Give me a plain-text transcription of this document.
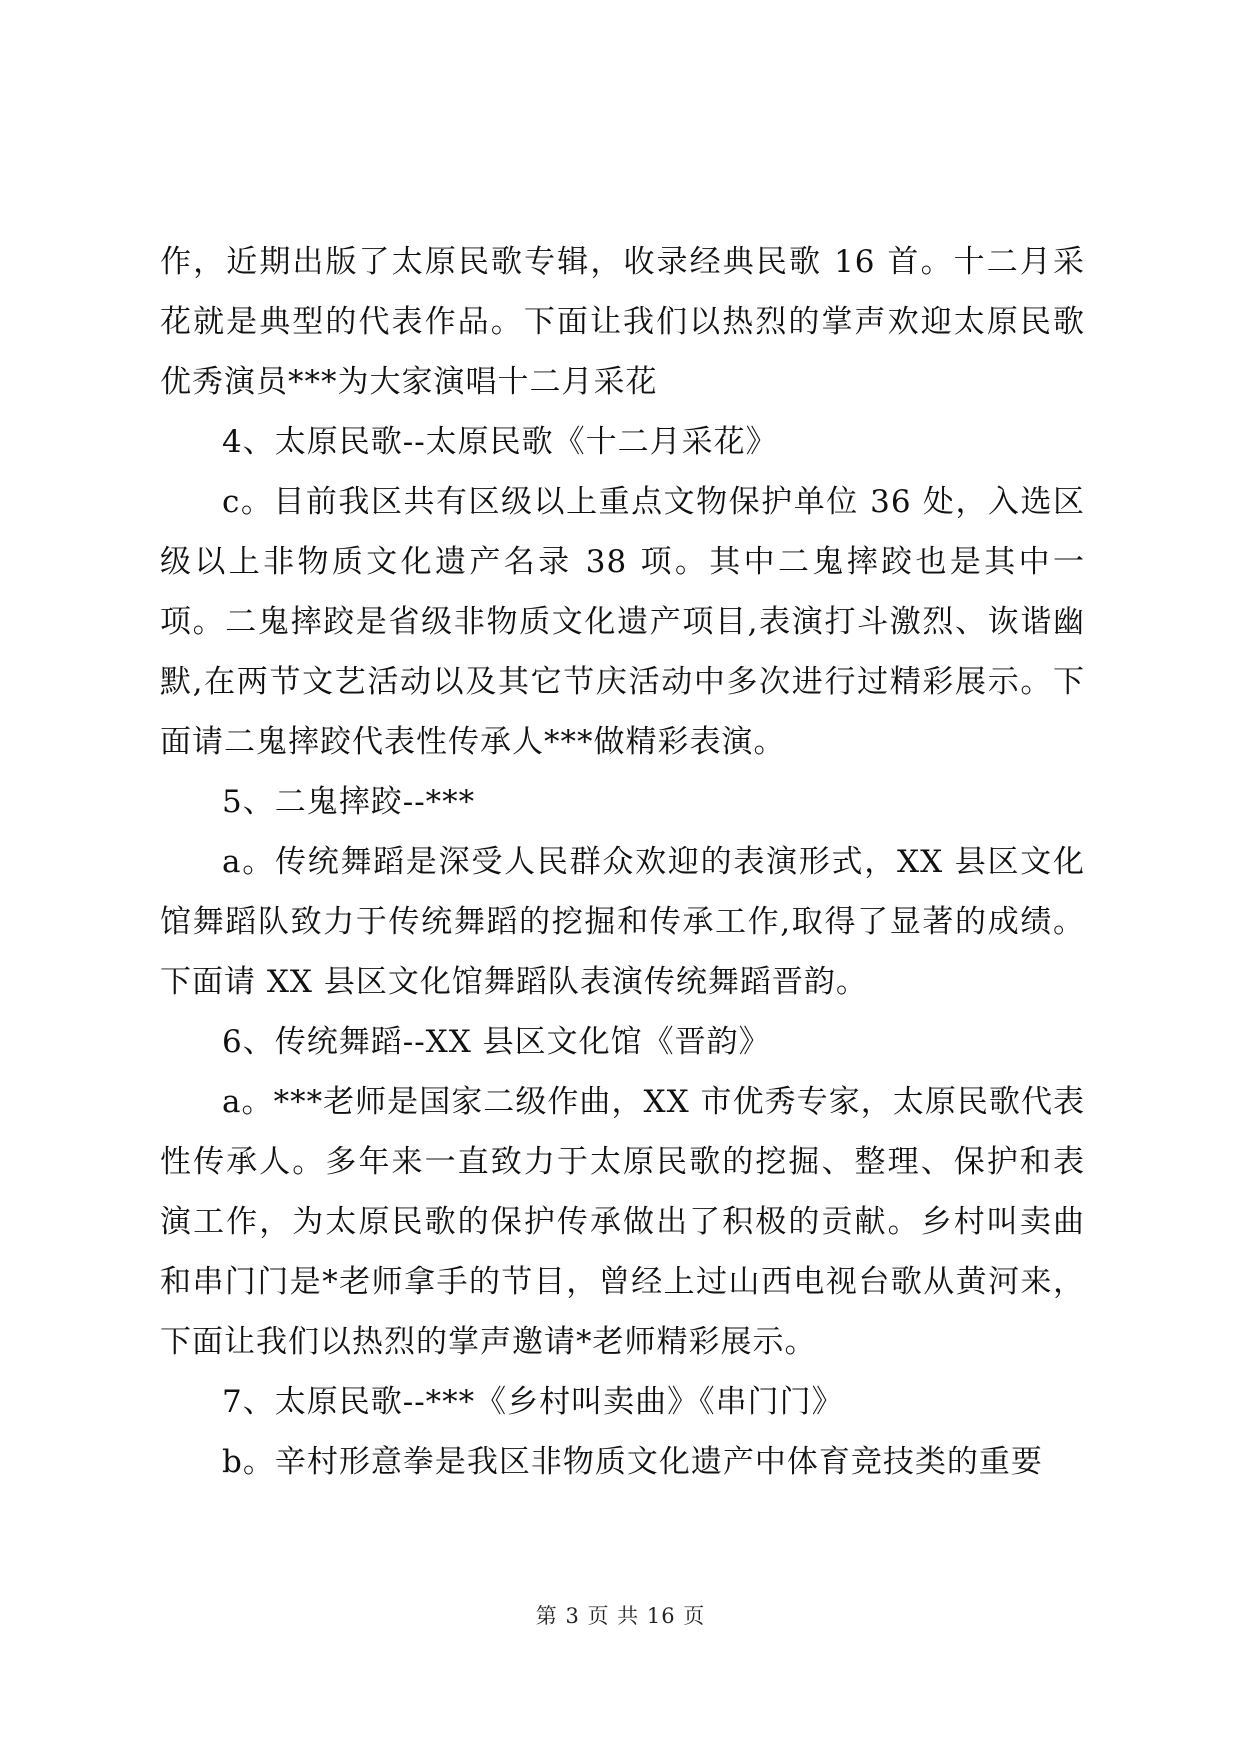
作，近期出版了太原民歌专辑，收录经典民歌 16 首。十二月采花就是典型的代表作品。下面让我们以热烈的掌声欢迎太原民歌优秀演员***为大家演唱十二月采花

4、太原民歌--太原民歌《十二月采花》

c。目前我区共有区级以上重点文物保护单位 36 处，入选区级以上非物质文化遗产名录 38 项。其中二鬼摔跤也是其中一项。二鬼摔跤是省级非物质文化遗产项目,表演打斗激烈、诙谐幽默,在两节文艺活动以及其它节庆活动中多次进行过精彩展示。下面请二鬼摔跤代表性传承人***做精彩表演。

5、二鬼摔跤--***

a。传统舞蹈是深受人民群众欢迎的表演形式，XX 县区文化馆舞蹈队致力于传统舞蹈的挖掘和传承工作,取得了显著的成绩。下面请 XX 县区文化馆舞蹈队表演传统舞蹈晋韵。

6、传统舞蹈--XX 县区文化馆《晋韵》

a。***老师是国家二级作曲，XX 市优秀专家，太原民歌代表性传承人。多年来一直致力于太原民歌的挖掘、整理、保护和表演工作，为太原民歌的保护传承做出了积极的贡献。乡村叫卖曲和串门门是*老师拿手的节目，曾经上过山西电视台歌从黄河来，下面让我们以热烈的掌声邀请*老师精彩展示。

7、太原民歌--***《乡村叫卖曲》《串门门》

b。辛村形意拳是我区非物质文化遗产中体育竞技类的重要

第 3 页 共 16 页
